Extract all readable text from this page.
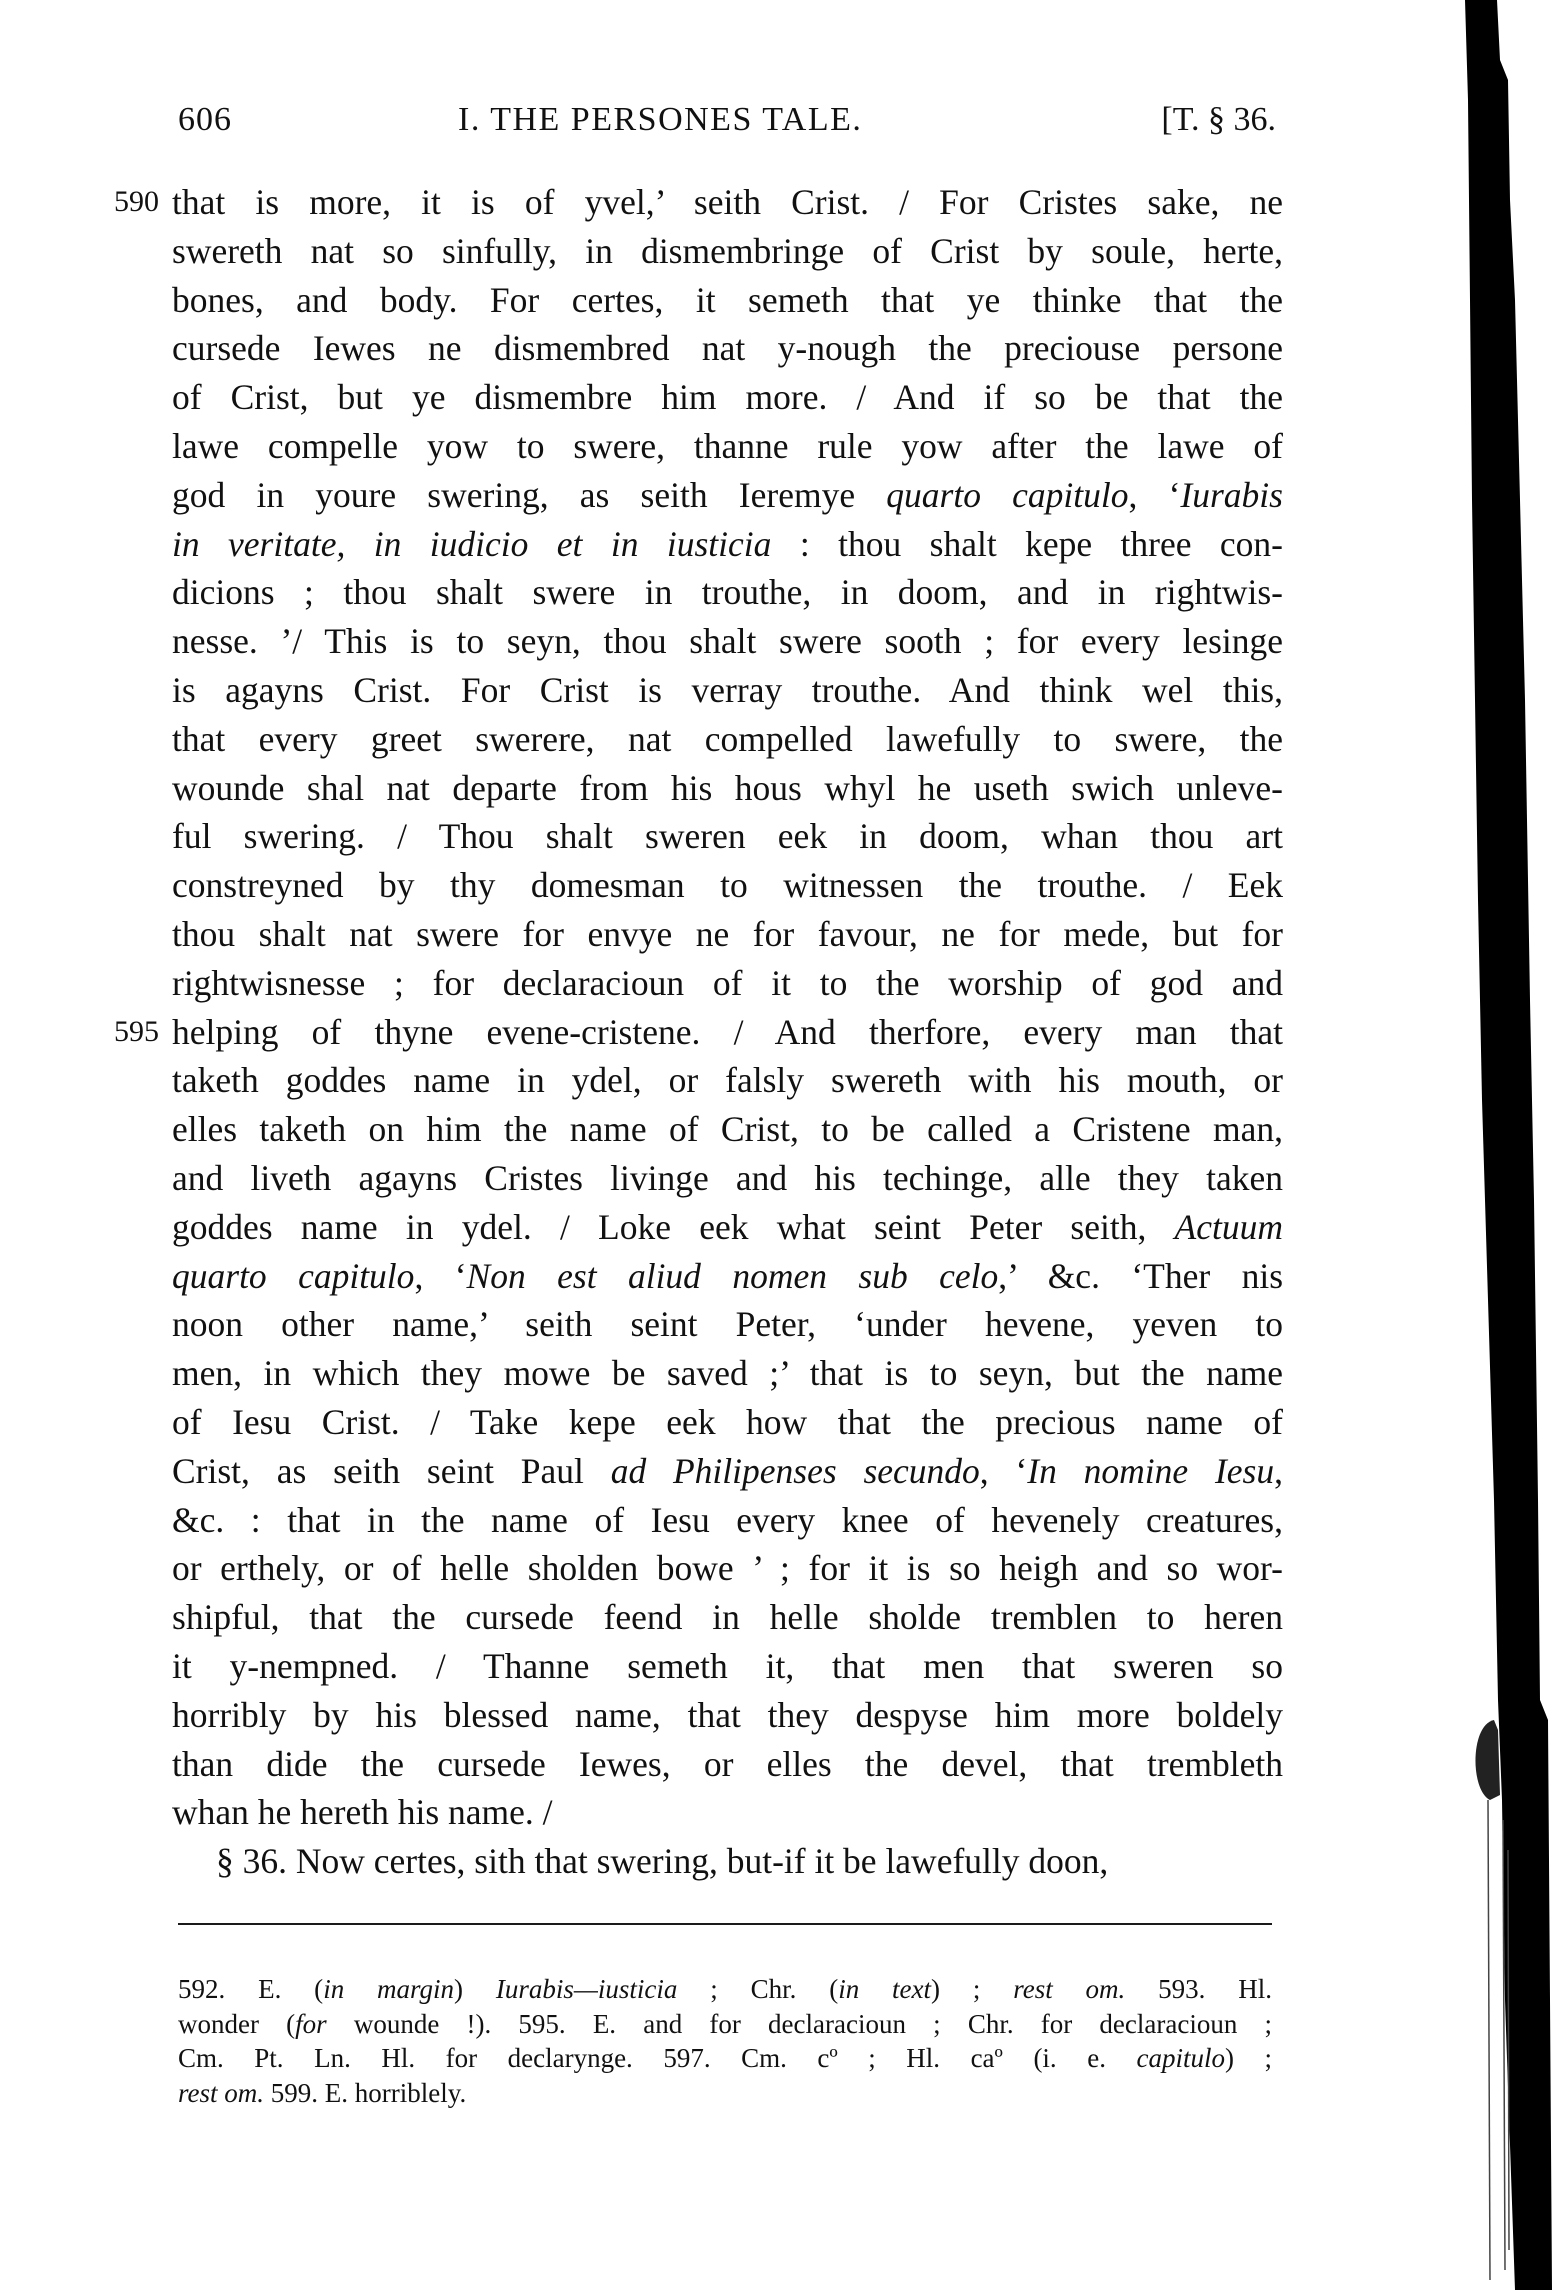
606	I. THE PERSONES TALE.	[T. § 36.
590 that is more, it is of yvel,’ seith Crist. / For Cristes sake, ne
swereth nat so sinfully, in dismembringe of Crist by soule, herte,
bones, and body. For certes, it semeth that ye thinke that the
cursede Iewes ne dismembred nat y-nough the preciouse persone
of Crist, but ye dismembre him more. / And if so be that the
lawe compelle yow to swere, thanne rule yow after the lawe of
god in youre swering, as seith Ieremye quarto capitulo, ‘Iurabis
in veritate, in iudicio et in iusticia : thou shalt kepe three con-
dicions ; thou shalt swere in trouthe, in doom, and in rightwis-
nesse. ’/ This is to seyn, thou shalt swere sooth ; for every lesinge
is agayns Crist. For Crist is verray trouthe. And think wel this,
that every greet swerere, nat compelled lawefully to swere, the
wounde shal nat departe from his hous whyl he useth swich unleve-
ful swering. / Thou shalt sweren eek in doom, whan thou art
constreyned by thy domesman to witnessen the trouthe. / Eek
thou shalt nat swere for envye ne for favour, ne for mede, but for
rightwisnesse ; for declaracioun of it to the worship of god and
595 helping of thyne evene-cristene. / And therfore, every man that
taketh goddes name in ydel, or falsly swereth with his mouth, or
elles taketh on him the name of Crist, to be called a Cristene man,
and liveth agayns Cristes livinge and his techinge, alle they taken
goddes name in ydel. / Loke eek what seint Peter seith, Actuum
quarto capitulo, ‘Non est aliud nomen sub celo,’ &c. ‘Ther nis
noon other name,’ seith seint Peter, ‘under hevene, yeven to
men, in which they mowe be saved ;’ that is to seyn, but the name
of Iesu Crist. / Take kepe eek how that the precious name of
Crist, as seith seint Paul ad Philipenses secundo, ‘In nomine Iesu,
&c. : that in the name of Iesu every knee of hevenely creatures,
or erthely, or of helle sholden bowe ’ ; for it is so heigh and so wor-
shipful, that the cursede feend in helle sholde tremblen to heren
it y-nempned. / Thanne semeth it, that men that sweren so
horribly by his blessed name, that they despyse him more boldely
than dide the cursede Iewes, or elles the devel, that trembleth
whan he hereth his name. /
§ 36. Now certes, sith that swering, but-if it be lawefully doon,
592. E. (in margin) Iurabis—iusticia ; Chr. (in text) ; rest om. 593. Hl.
wonder (for wounde !). 595. E. and for declaracioun ; Chr. for declaracioun ;
Cm. Pt. Ln. Hl. for declarynge. 597. Cm. cº ; Hl. caº (i. e. capitulo) ;
rest om. 599. E. horriblely.
